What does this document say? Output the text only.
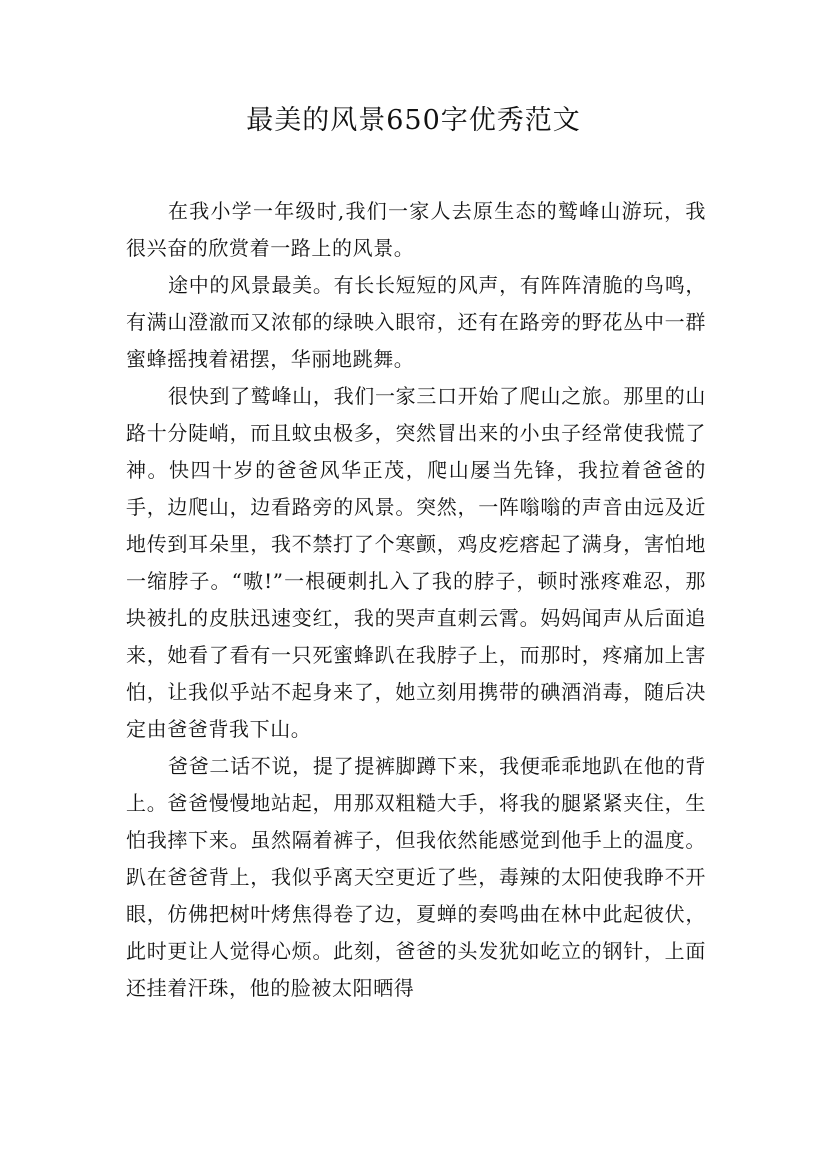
最美的风景650字优秀范文

在我小学一年级时,我们一家人去原生态的鹫峰山游玩，我很兴奋的欣赏着一路上的风景。

途中的风景最美。有长长短短的风声，有阵阵清脆的鸟鸣，有满山澄澈而又浓郁的绿映入眼帘，还有在路旁的野花丛中一群蜜蜂摇拽着裙摆，华丽地跳舞。

很快到了鹫峰山，我们一家三口开始了爬山之旅。那里的山路十分陡峭，而且蚊虫极多，突然冒出来的小虫子经常使我慌了神。快四十岁的爸爸风华正茂，爬山屡当先锋，我拉着爸爸的手，边爬山，边看路旁的风景。突然，一阵嗡嗡的声音由远及近地传到耳朵里，我不禁打了个寒颤，鸡皮疙瘩起了满身，害怕地一缩脖子。“嗷!”一根硬刺扎入了我的脖子，顿时涨疼难忍，那块被扎的皮肤迅速变红，我的哭声直刺云霄。妈妈闻声从后面追来，她看了看有一只死蜜蜂趴在我脖子上，而那时，疼痛加上害怕，让我似乎站不起身来了，她立刻用携带的碘酒消毒，随后决定由爸爸背我下山。

爸爸二话不说，提了提裤脚蹲下来，我便乖乖地趴在他的背上。爸爸慢慢地站起，用那双粗糙大手，将我的腿紧紧夹住，生怕我摔下来。虽然隔着裤子，但我依然能感觉到他手上的温度。趴在爸爸背上，我似乎离天空更近了些，毒辣的太阳使我睁不开眼，仿佛把树叶烤焦得卷了边，夏蝉的奏鸣曲在林中此起彼伏，此时更让人觉得心烦。此刻，爸爸的头发犹如屹立的钢针，上面还挂着汗珠，他的脸被太阳晒得
